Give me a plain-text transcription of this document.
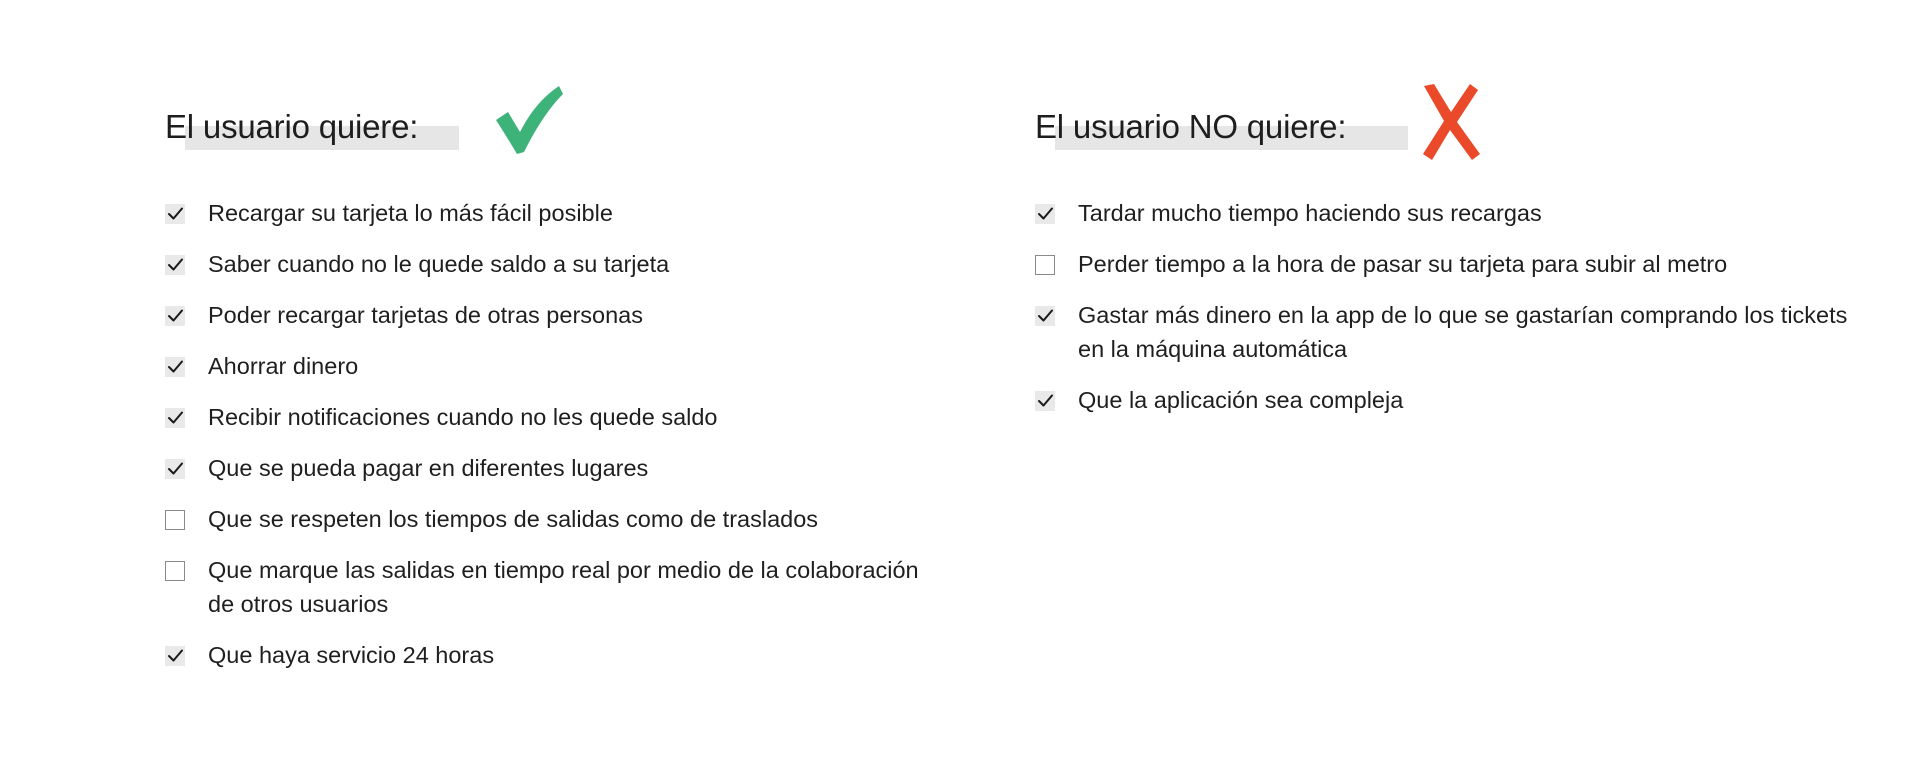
El usuario quiere:
Recargar su tarjeta lo más fácil posible
Saber cuando no le quede saldo a su tarjeta
Poder recargar tarjetas de otras personas
Ahorrar dinero
Recibir notificaciones cuando no les quede saldo
Que se pueda pagar en diferentes lugares
Que se respeten los tiempos de salidas como de traslados
Que marque las salidas en tiempo real por medio de la colaboración de otros usuarios
Que haya servicio 24 horas
El usuario NO quiere:
Tardar mucho tiempo haciendo sus recargas
Perder tiempo a la hora de pasar su tarjeta para subir al metro
Gastar más dinero en la app de lo que se gastarían comprando los tickets en la máquina automática
Que la aplicación sea compleja
